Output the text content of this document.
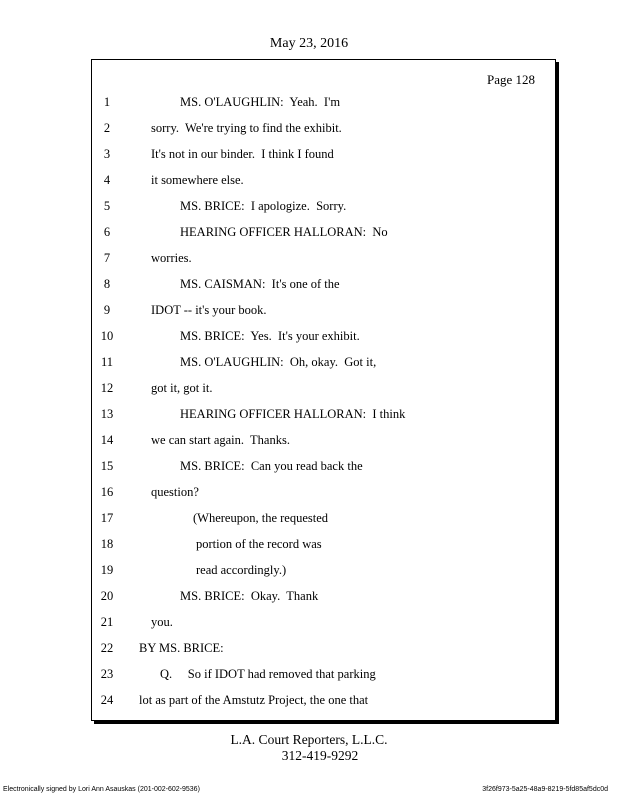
May 23, 2016
Page 128
1	MS. O'LAUGHLIN:  Yeah.  I'm
2	sorry.  We're trying to find the exhibit.
3	It's not in our binder.  I think I found
4	it somewhere else.
5	MS. BRICE:  I apologize.  Sorry.
6	HEARING OFFICER HALLORAN:  No
7	worries.
8	MS. CAISMAN:  It's one of the
9	IDOT -- it's your book.
10	MS. BRICE:  Yes.  It's your exhibit.
11	MS. O'LAUGHLIN:  Oh, okay.  Got it,
12	got it, got it.
13	HEARING OFFICER HALLORAN:  I think
14	we can start again.  Thanks.
15	MS. BRICE:  Can you read back the
16	question?
17	(Whereupon, the requested
18	portion of the record was
19	read accordingly.)
20	MS. BRICE:  Okay.  Thank
21	you.
22	BY MS. BRICE:
23	Q.     So if IDOT had removed that parking
24	lot as part of the Amstutz Project, the one that
L.A. Court Reporters, L.L.C.
312-419-9292
Electronically signed by Lori Ann Asauskas (201-002-602-9536)	3f26f973-5a25-48a9-8219-5fd85af5dc0d
